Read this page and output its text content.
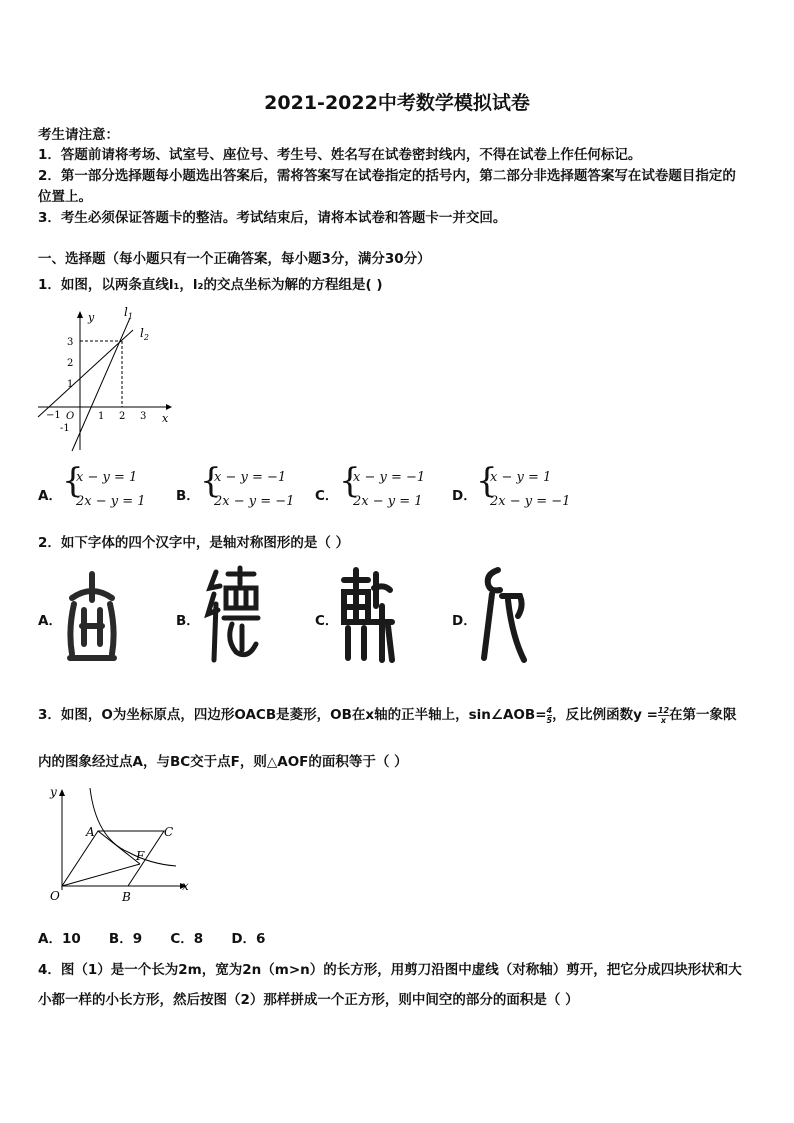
2021-2022中考数学模拟试卷
考生请注意：
1．答题前请将考场、试室号、座位号、考生号、姓名写在试卷密封线内，不得在试卷上作任何标记。
2．第一部分选择题每小题选出答案后，需将答案写在试卷指定的括号内，第二部分非选择题答案写在试卷题目指定的
位置上。
3．考生必须保证答题卡的整洁。考试结束后，请将本试卷和答题卡一并交回。
一、选择题（每小题只有一个正确答案，每小题3分，满分30分）
1．如图，以两条直线l₁，l₂的交点坐标为解的方程组是( )
$l_1$
$l_2$
y
x
3
2
1
-1
−1 O 1 2 3
A． {
x − y = 1
2x − y = 1 B． {
x − y = −1
2x − y = −1 C． {
x − y = −1
2x − y = 1 D． {
x − y = 1
2x − y = −1
2．如下字体的四个汉字中，是轴对称图形的是（ ）
A．	B．	C．	D．
3．如图，O为坐标原点，四边形OACB是菱形，OB在x轴的正半轴上，sin∠AOB= $\frac{4}{5}$ ，反比例函数$y = \frac{12}{x}$ 在第一象限
内的图象经过点A，与BC交于点F，则△AOF的面积等于（ ）
y
x
O
A
B
C
F
A．10      B．9      C．8      D．6
4．图（1）是一个长为2m，宽为2n（m>n）的长方形，用剪刀沿图中虚线（对称轴）剪开，把它分成四块形状和大
小都一样的小长方形，然后按图（2）那样拼成一个正方形，则中间空的部分的面积是（ ）
